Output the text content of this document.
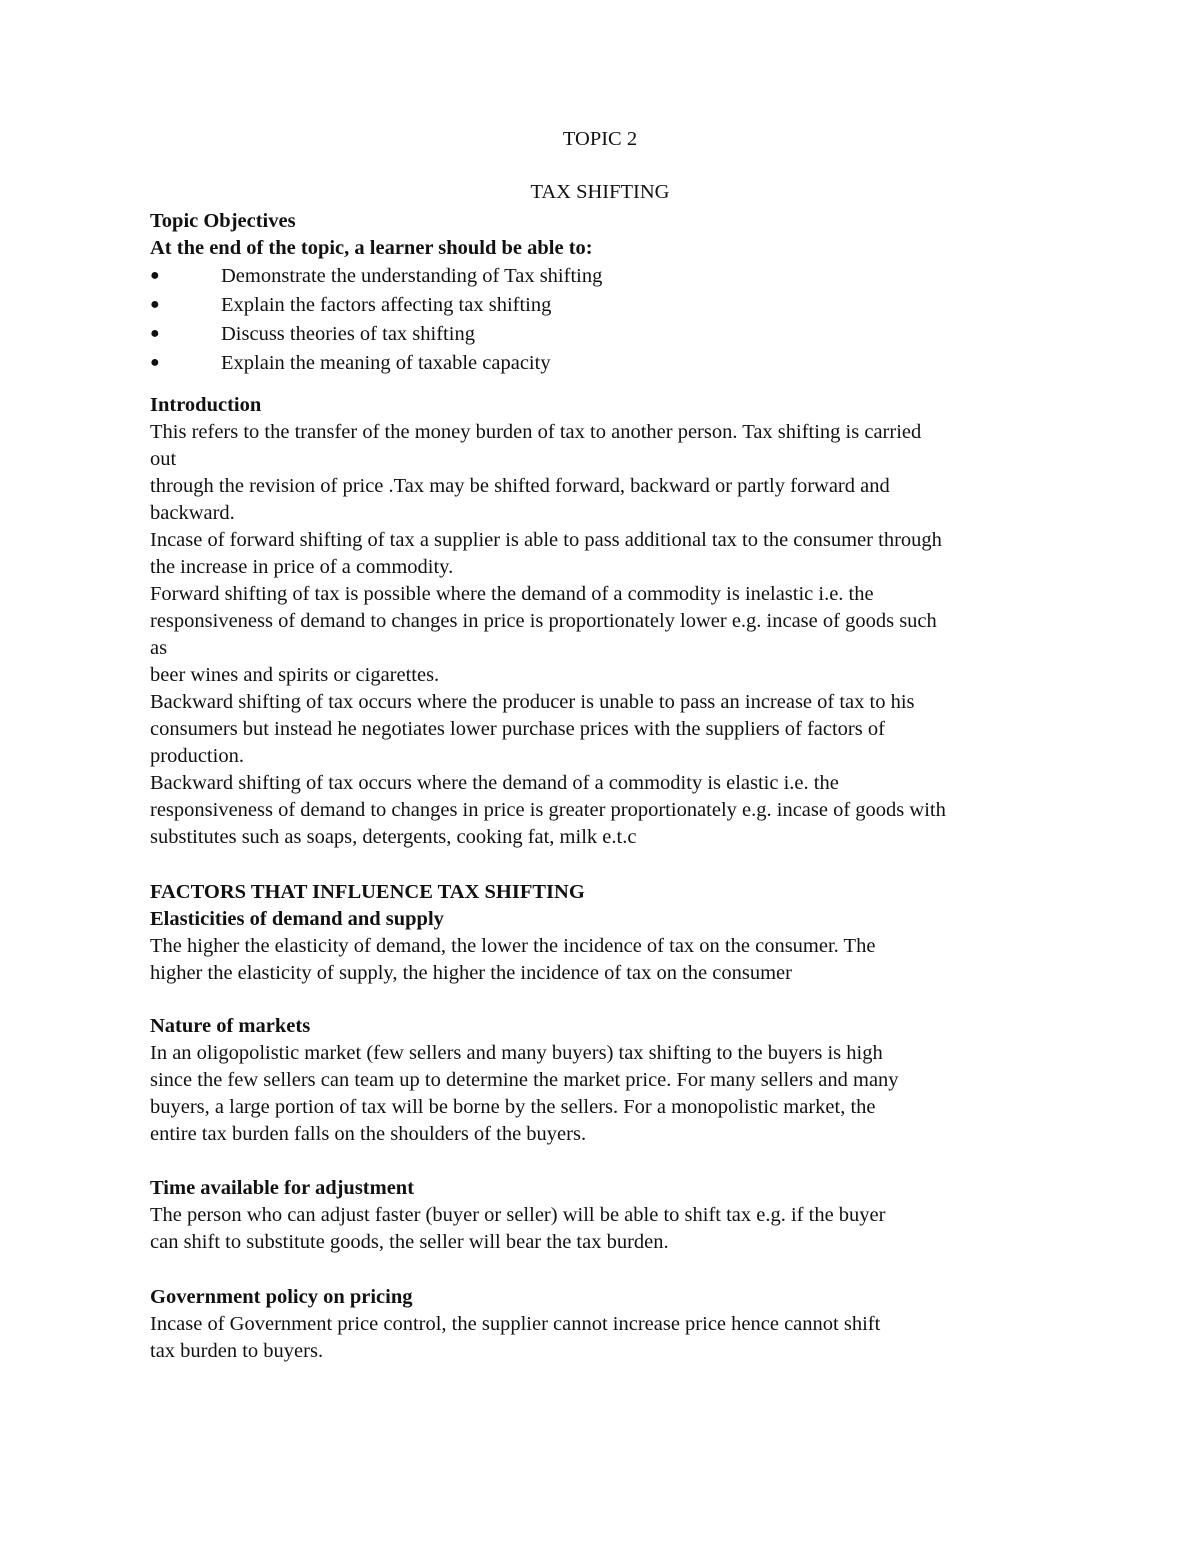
TOPIC 2
TAX SHIFTING
Topic Objectives
At the end of the topic, a learner should be able to:
●	Demonstrate the understanding of Tax shifting
●	Explain the factors affecting tax shifting
●	Discuss theories of tax shifting
●	Explain the meaning of taxable capacity
Introduction
This refers to the transfer of the money burden of tax to another person. Tax shifting is carried
out
through the revision of price .Tax may be shifted forward, backward or partly forward and
backward.
Incase of forward shifting of tax a supplier is able to pass additional tax to the consumer through
the increase in price of a commodity.
Forward shifting of tax is possible where the demand of a commodity is inelastic i.e. the
responsiveness of demand to changes in price is proportionately lower e.g. incase of goods such
as
beer wines and spirits or cigarettes.
Backward shifting of tax occurs where the producer is unable to pass an increase of tax to his
consumers but instead he negotiates lower purchase prices with the suppliers of factors of
production.
Backward shifting of tax occurs where the demand of a commodity is elastic i.e. the
responsiveness of demand to changes in price is greater proportionately e.g. incase of goods with
substitutes such as soaps, detergents, cooking fat, milk e.t.c
FACTORS THAT INFLUENCE TAX SHIFTING
Elasticities of demand and supply
The higher the elasticity of demand, the lower the incidence of tax on the consumer. The
higher the elasticity of supply, the higher the incidence of tax on the consumer
Nature of markets
In an oligopolistic market (few sellers and many buyers) tax shifting to the buyers is high
since the few sellers can team up to determine the market price. For many sellers and many
buyers, a large portion of tax will be borne by the sellers. For a monopolistic market, the
entire tax burden falls on the shoulders of the buyers.
Time available for adjustment
The person who can adjust faster (buyer or seller) will be able to shift tax e.g. if the buyer
can shift to substitute goods, the seller will bear the tax burden.
Government policy on pricing
Incase of Government price control, the supplier cannot increase price hence cannot shift
tax burden to buyers.
